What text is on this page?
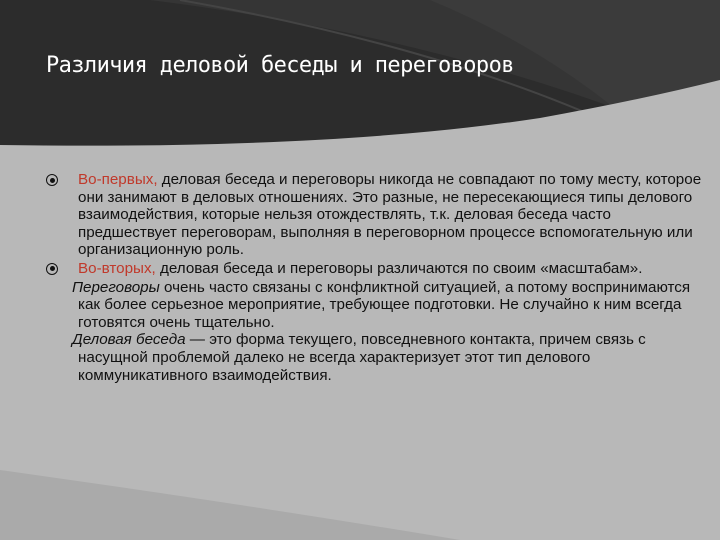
Различия деловой беседы и переговоров
Во-первых, деловая беседа и переговоры никогда не совпадают по тому месту, которое они занимают в деловых отношениях. Это разные, не пересекающиеся типы делового взаимодействия, которые нельзя отождествлять, т.к. деловая беседа часто предшествует переговорам, выполняя в переговорном процессе вспомогательную или организационную роль.
Во-вторых, деловая беседа и переговоры различаются по своим «масштабам».
Переговоры очень часто связаны с конфликтной ситуацией, а потому воспринимаются как более серьезное мероприятие, требующее подготовки. Не случайно к ним всегда готовятся очень тщательно.
Деловая беседа — это форма текущего, повседневного контакта, причем связь с насущной проблемой далеко не всегда характеризует этот тип делового коммуникативного взаимодействия.
